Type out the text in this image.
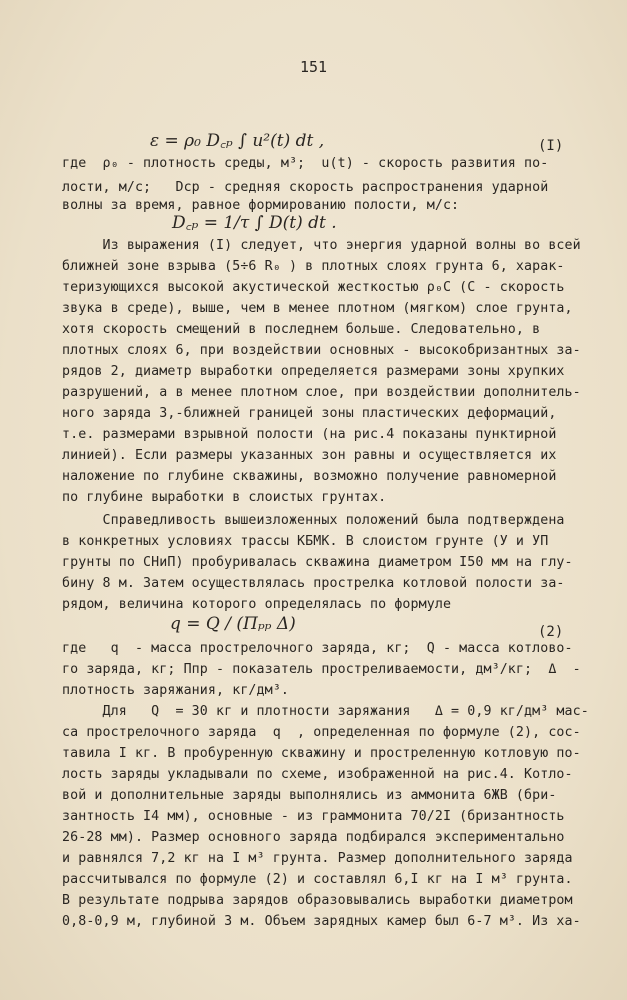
151
ε = ρ₀ D꜀ₚ ∫ u²(t) dt ,	(I)
где  ρ₀ - плотность среды, м³;  u(t) - скорость развития по-
лости, м/с;   Dср - средняя скорость распространения ударной
волны за время, равное формированию полости, м/с:
D꜀ₚ = 1/τ ∫ D(t) dt .
Из выражения (I) следует, что энергия ударной волны во всей
ближней зоне взрыва (5÷6 R₀ ) в плотных слоях грунта 6, харак-
теризующихся высокой акустической жесткостью ρ₀C (C - скорость
звука в среде), выше, чем в менее плотном (мягком) слое грунта,
хотя скорость смещений в последнем больше. Следовательно, в
плотных слоях 6, при воздействии основных - высокобризантных за-
рядов 2, диаметр выработки определяется размерами зоны хрупких
разрушений, а в менее плотном слое, при воздействии дополнитель-
ного заряда 3,-ближней границей зоны пластических деформаций,
т.е. размерами взрывной полости (на рис.4 показаны пунктирной
линией). Если размеры указанных зон равны и осуществляется их
наложение по глубине скважины, возможно получение равномерной
по глубине выработки в слоистых грунтах.
Справедливость вышеизложенных положений была подтверждена
в конкретных условиях трассы КБМК. В слоистом грунте (У и УП
грунты по СНиП) пробуривалась скважина диаметром I50 мм на глу-
бину 8 м. Затем осуществлялась прострелка котловой полости за-
рядом, величина которого определялась по формуле
q = Q / (Пₚₚ Δ)	(2)
где   q  - масса прострелочного заряда, кг;  Q - масса котлово-
го заряда, кг; Ппр - показатель простреливаемости, дм³/кг;  Δ  -
плотность заряжания, кг/дм³.
Для   Q  = 30 кг и плотности заряжания   Δ = 0,9 кг/дм³ мас-
са прострелочного заряда  q  , определенная по формуле (2), сос-
тавила I кг. В пробуренную скважину и простреленную котловую по-
лость заряды укладывали по схеме, изображенной на рис.4. Котло-
вой и дополнительные заряды выполнялись из аммонита 6ЖВ (бри-
зантность I4 мм), основные - из граммонита 70/2I (бризантность
26-28 мм). Размер основного заряда подбирался экспериментально
и равнялся 7,2 кг на I м³ грунта. Размер дополнительного заряда
рассчитывался по формуле (2) и составлял 6,I кг на I м³ грунта.
В результате подрыва зарядов образовывались выработки диаметром
0,8-0,9 м, глубиной 3 м. Объем зарядных камер был 6-7 м³. Из ха-
